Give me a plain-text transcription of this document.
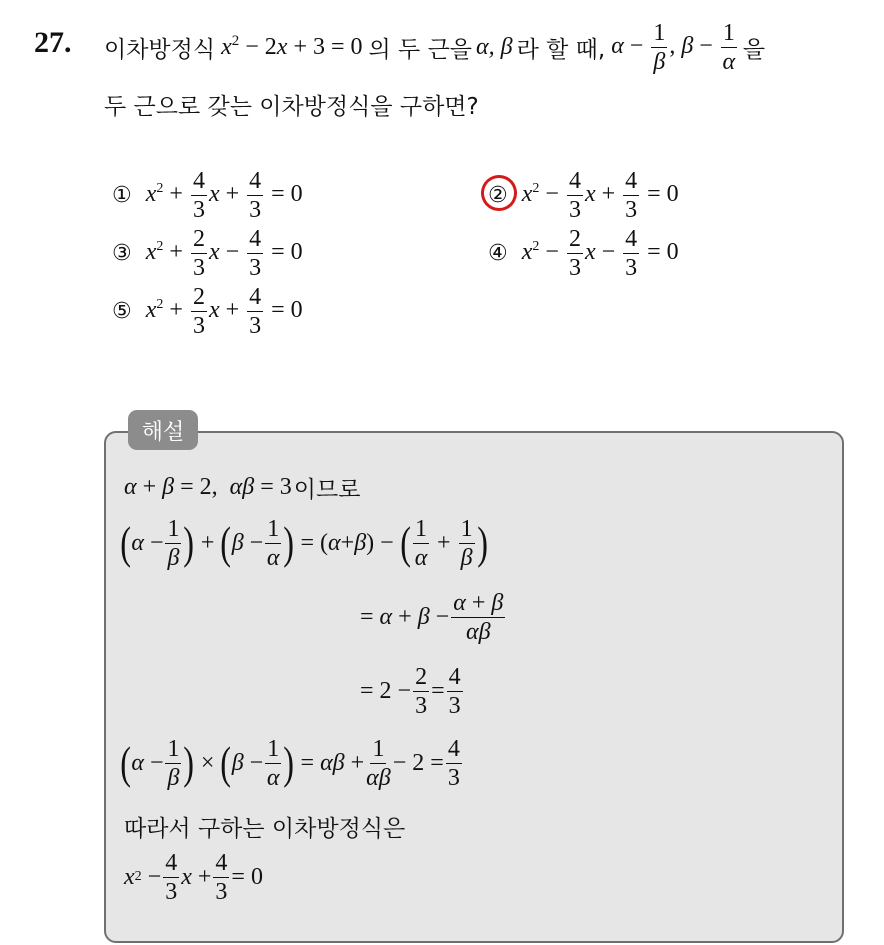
27. 이차방정식 $x^2 - 2x + 3 = 0$ 의 두 근을 α, β 라 할 때, $\alpha - \frac{1}{\beta}$ , $\beta - \frac{1}{\alpha}$ 을
두 근으로 갖는 이차방정식을 구하면?
① $x^2 + \frac{4}{3}$ $x + \frac{4}{3} = 0$	② $x^2 - \frac{4}{3}$ $x + \frac{4}{3} = 0$
③ $x^2 + \frac{2}{3}$ $x - \frac{4}{3} = 0$	④ $x^2 - \frac{2}{3}$ $x - \frac{4}{3} = 0$
⑤ $x^2 + \frac{2}{3}$ $x + \frac{4}{3} = 0$
해설
α + β = 2,  αβ = 3 이므로
( $\alpha - \frac{1}{\beta}$ ) + ( $\beta - \frac{1}{\alpha}$ ) = ( α + β ) − ( $\frac{1}{\alpha} + \frac{1}{\beta}$ )
= $\alpha + \beta - \frac{\alpha + \beta}{\alpha\beta}$
= $2 - \frac{2}{3} = \frac{4}{3}$
( $\alpha - \frac{1}{\beta}$ ) × ( $\beta - \frac{1}{\alpha}$ ) = $\alpha\beta + \frac{1}{\alpha\beta} - 2 = \frac{4}{3}$
따라서 구하는 이차방정식은
x $2 - \frac{4}{3}$ $x + \frac{4}{3} = 0$
